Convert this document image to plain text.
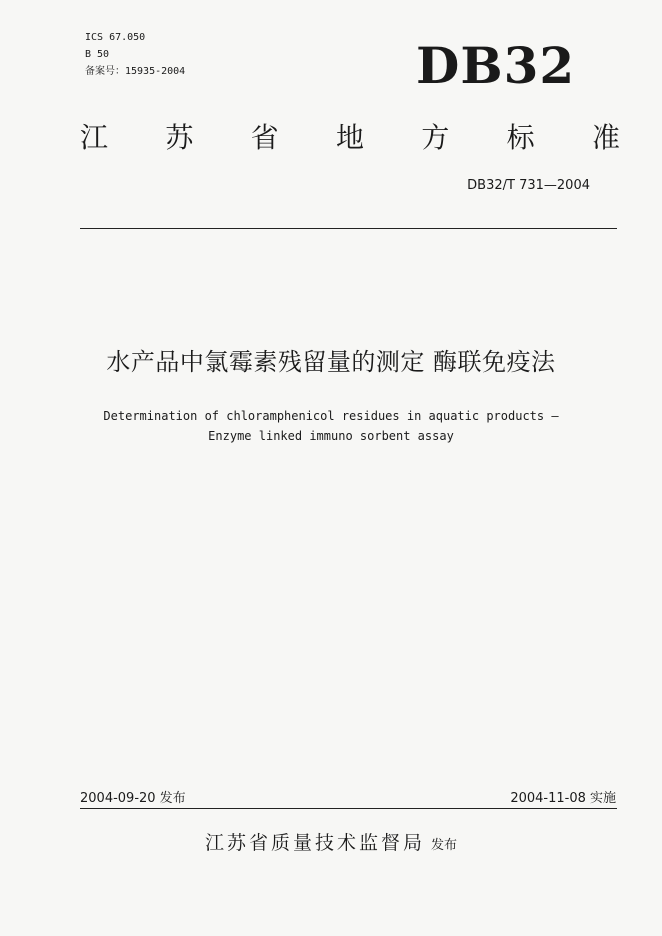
ICS 67.050
B 50
备案号：15935-2004	DB32
江 苏 省 地 方 标 准
DB32/T 731—2004
水产品中氯霉素残留量的测定 酶联免疫法
Determination of chloramphenicol residues in aquatic products —
Enzyme linked immuno sorbent assay
2004-09-20 发布	2004-11-08 实施
江苏省质量技术监督局 发布
